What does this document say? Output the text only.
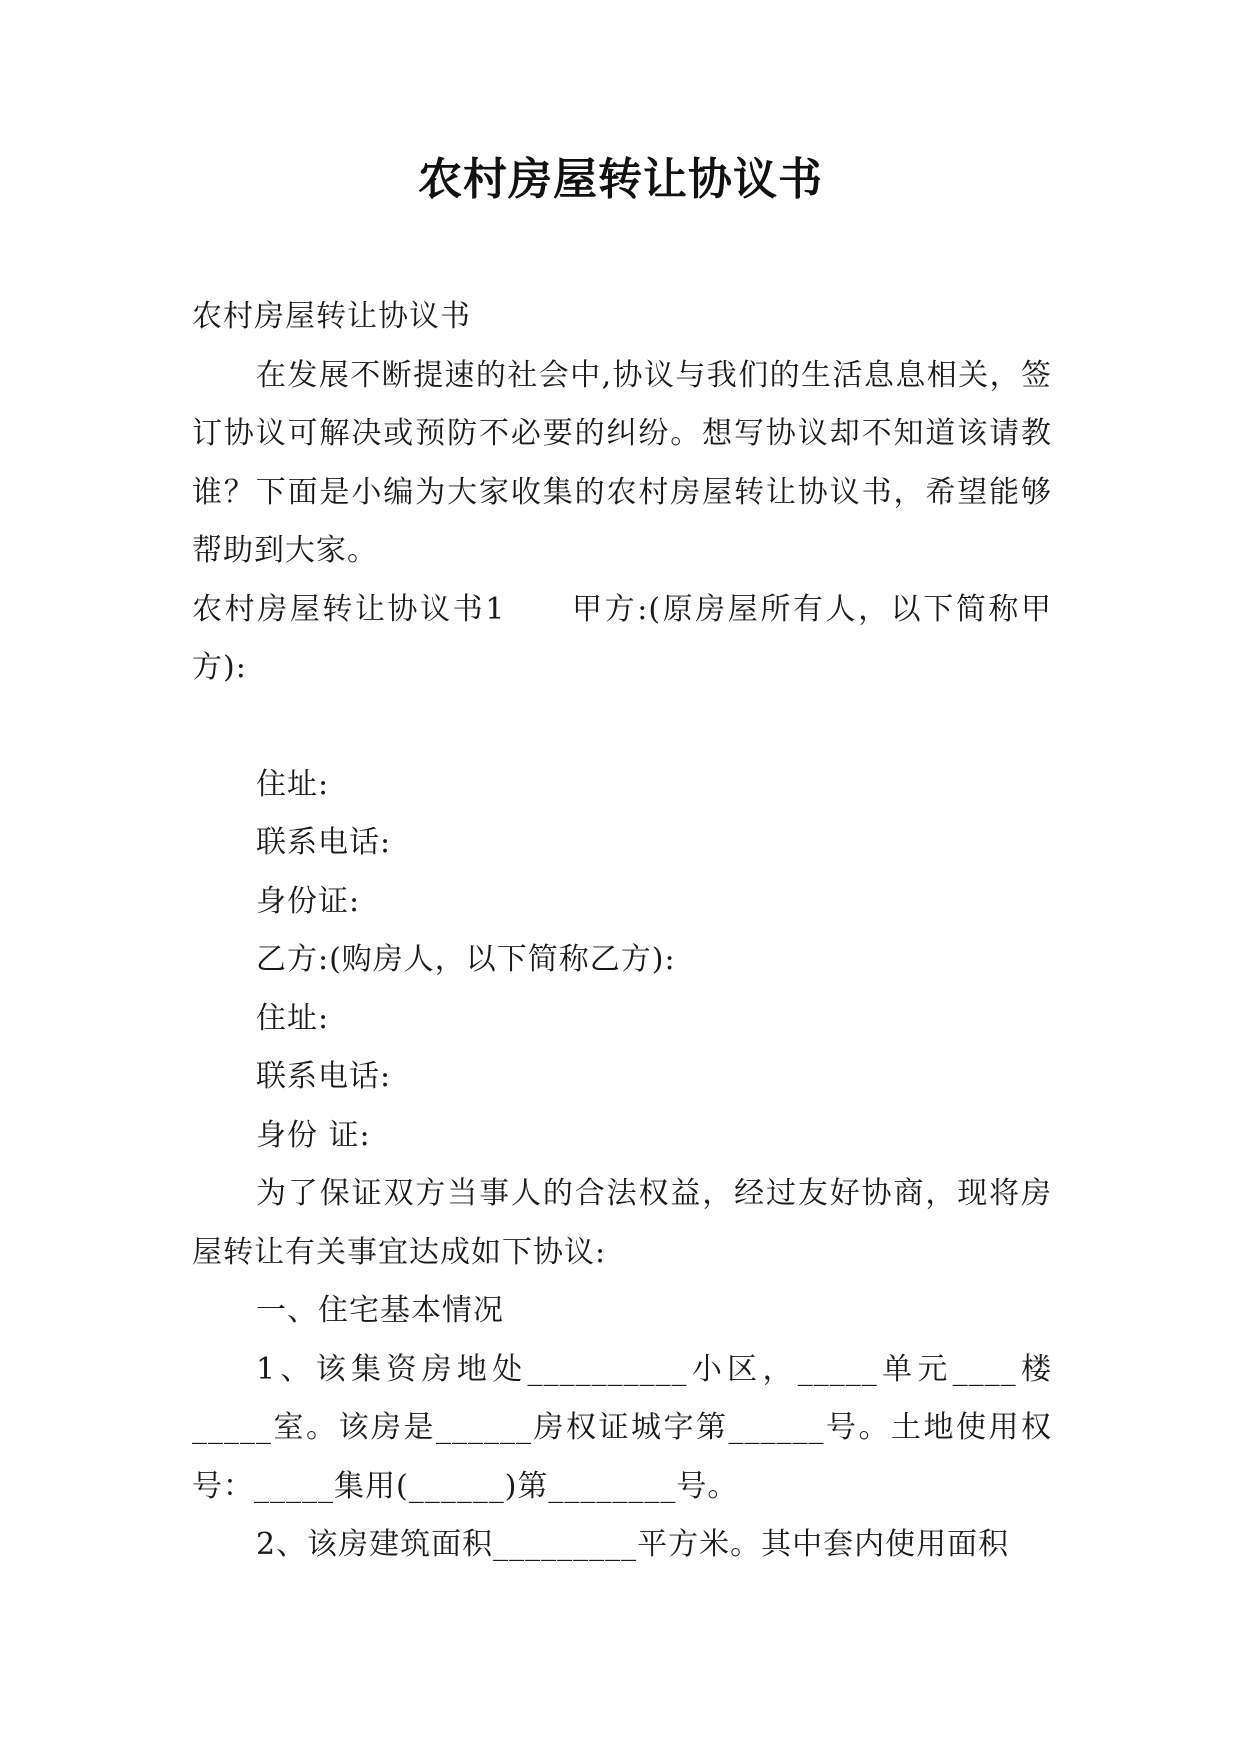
农村房屋转让协议书

农村房屋转让协议书

在发展不断提速的社会中,协议与我们的生活息息相关，签订协议可解决或预防不必要的纠纷。想写协议却不知道该请教谁？下面是小编为大家收集的农村房屋转让协议书，希望能够帮助到大家。

农村房屋转让协议书1　　甲方:(原房屋所有人，以下简称甲方):

住址:

联系电话:

身份证:

乙方:(购房人，以下简称乙方):

住址:

联系电话:

身份 证:

为了保证双方当事人的合法权益，经过友好协商，现将房屋转让有关事宜达成如下协议:

一、住宅基本情况

1、该集资房地处__________小区，_____单元____楼_____室。该房是______房权证城字第______号。土地使用权号：_____集用(______)第________号。

2、该房建筑面积_________平方米。其中套内使用面积
